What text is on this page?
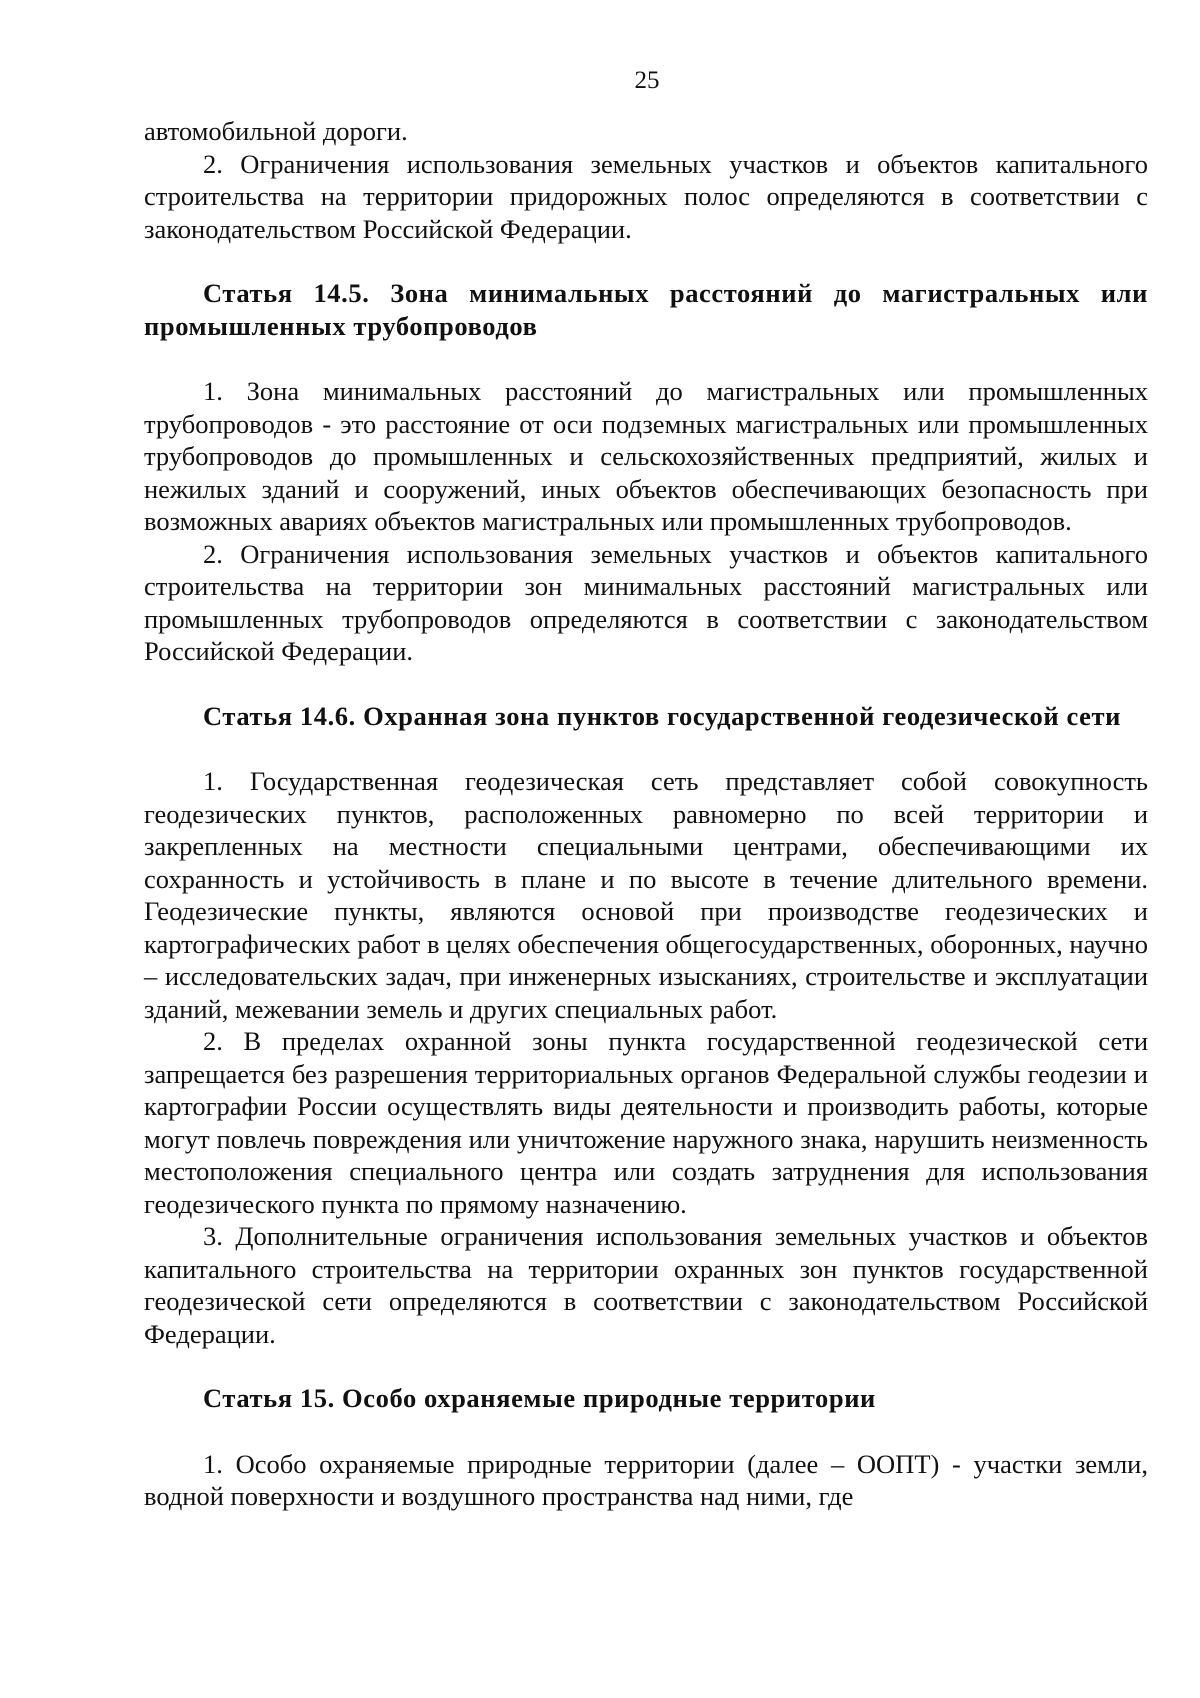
25

автомобильной дороги.

2. Ограничения использования земельных участков и объектов капитального строительства на территории придорожных полос определяются в соответствии с законодательством Российской Федерации.

Статья 14.5. Зона минимальных расстояний до магистральных или промышленных трубопроводов

1. Зона минимальных расстояний до магистральных или промышленных трубопроводов - это расстояние от оси подземных магистральных или промышленных трубопроводов до промышленных и сельскохозяйственных предприятий, жилых и нежилых зданий и сооружений, иных объектов обеспечивающих безопасность при возможных авариях объектов магистральных или промышленных трубопроводов.

2. Ограничения использования земельных участков и объектов капитального строительства на территории зон минимальных расстояний магистральных или промышленных трубопроводов определяются в соответствии с законодательством Российской Федерации.

Статья 14.6. Охранная зона пунктов государственной геодезической сети

1. Государственная геодезическая сеть представляет собой совокупность геодезических пунктов, расположенных равномерно по всей территории и закрепленных на местности специальными центрами, обеспечивающими их сохранность и устойчивость в плане и по высоте в течение длительного времени. Геодезические пункты, являются основой при производстве геодезических и картографических работ в целях обеспечения общегосударственных, оборонных, научно – исследовательских задач, при инженерных изысканиях, строительстве и эксплуатации зданий, межевании земель и других специальных работ.

2. В пределах охранной зоны пункта государственной геодезической сети запрещается без разрешения территориальных органов Федеральной службы геодезии и картографии России осуществлять виды деятельности и производить работы, которые могут повлечь повреждения или уничтожение наружного знака, нарушить неизменность местоположения специального центра или создать затруднения для использования геодезического пункта по прямому назначению.

3. Дополнительные ограничения использования земельных участков и объектов капитального строительства на территории охранных зон пунктов государственной геодезической сети определяются в соответствии с законодательством Российской Федерации.

Статья 15. Особо охраняемые природные территории

1. Особо охраняемые природные территории (далее – ООПТ) - участки земли, водной поверхности и воздушного пространства над ними, где
